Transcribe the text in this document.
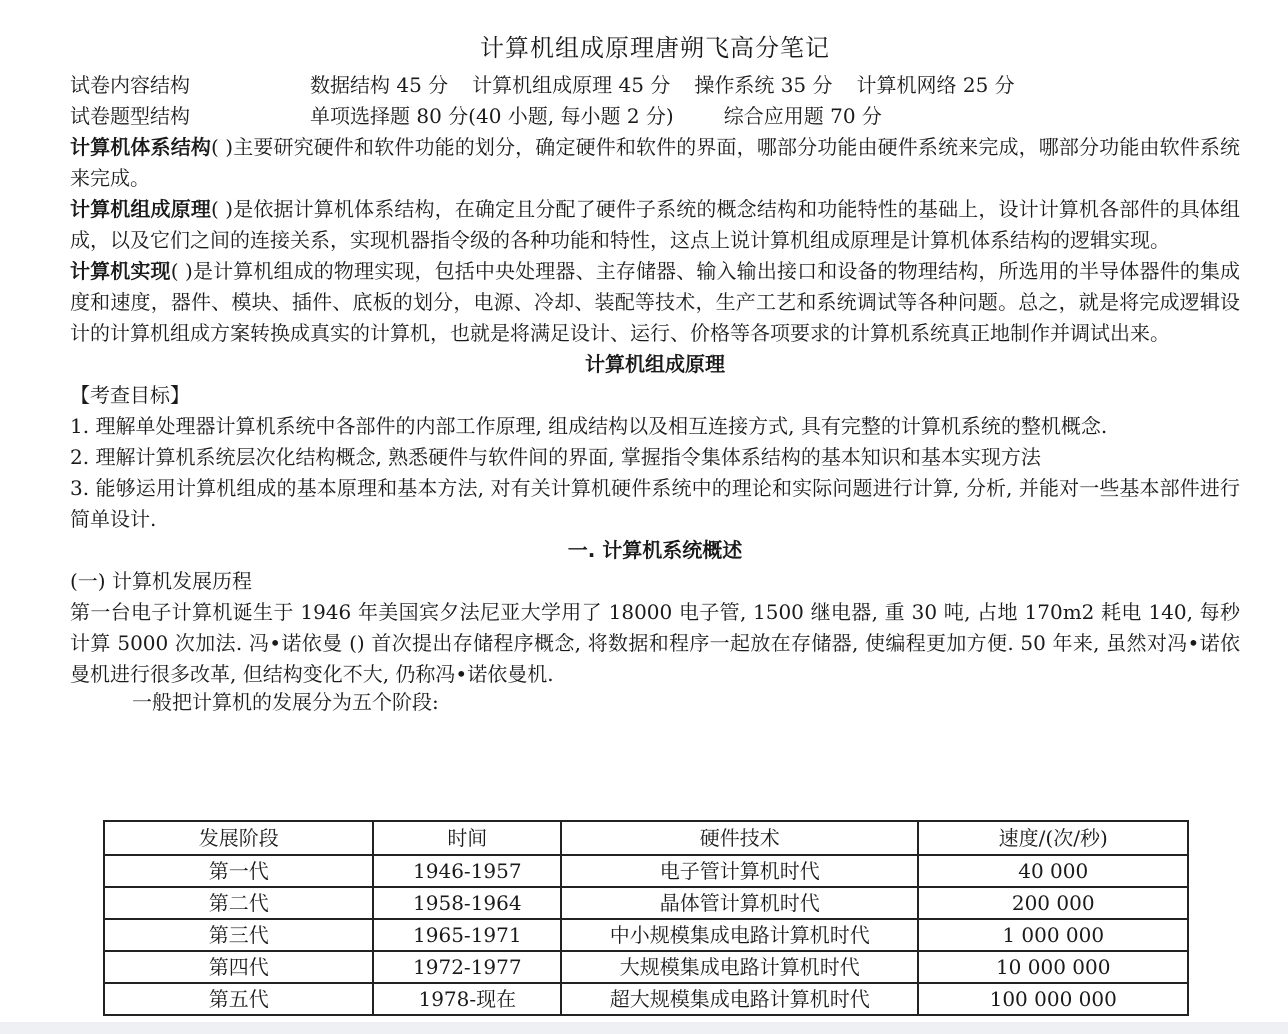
计算机组成原理唐朔飞高分笔记
试卷内容结构	数据结构 45 分 计算机组成原理 45 分 操作系统 35 分 计算机网络 25 分
试卷题型结构	单项选择题 80 分(40 小题, 每小题 2 分)	综合应用题 70 分

计算机体系结构( )主要研究硬件和软件功能的划分，确定硬件和软件的界面，哪部分功能由硬件系统来完成，哪部分功能由软件系统来完成。

计算机组成原理( )是依据计算机体系结构，在确定且分配了硬件子系统的概念结构和功能特性的基础上，设计计算机各部件的具体组成，以及它们之间的连接关系，实现机器指令级的各种功能和特性，这点上说计算机组成原理是计算机体系结构的逻辑实现。

计算机实现( )是计算机组成的物理实现，包括中央处理器、主存储器、输入输出接口和设备的物理结构，所选用的半导体器件的集成度和速度，器件、模块、插件、底板的划分，电源、冷却、装配等技术，生产工艺和系统调试等各种问题。总之，就是将完成逻辑设计的计算机组成方案转换成真实的计算机，也就是将满足设计、运行、价格等各项要求的计算机系统真正地制作并调试出来。

计算机组成原理
【考查目标】

1. 理解单处理器计算机系统中各部件的内部工作原理, 组成结构以及相互连接方式, 具有完整的计算机系统的整机概念.

2. 理解计算机系统层次化结构概念, 熟悉硬件与软件间的界面, 掌握指令集体系结构的基本知识和基本实现方法

3. 能够运用计算机组成的基本原理和基本方法, 对有关计算机硬件系统中的理论和实际问题进行计算, 分析, 并能对一些基本部件进行简单设计.

一. 计算机系统概述
(一) 计算机发展历程

第一台电子计算机诞生于 1946 年美国宾夕法尼亚大学用了 18000 电子管, 1500 继电器, 重 30 吨, 占地 170m2 耗电 140, 每秒计算 5000 次加法. 冯•诺依曼 () 首次提出存储程序概念, 将数据和程序一起放在存储器, 使编程更加方便. 50 年来, 虽然对冯•诺依曼机进行很多改革, 但结构变化不大, 仍称冯•诺依曼机.

一般把计算机的发展分为五个阶段:
发展阶段	时间	硬件技术	速度/(次/秒)
第一代	1946-1957	电子管计算机时代	40 000
第二代	1958-1964	晶体管计算机时代	200 000
第三代	1965-1971	中小规模集成电路计算机时代	1 000 000
第四代	1972-1977	大规模集成电路计算机时代	10 000 000
第五代	1978-现在	超大规模集成电路计算机时代	100 000 000
